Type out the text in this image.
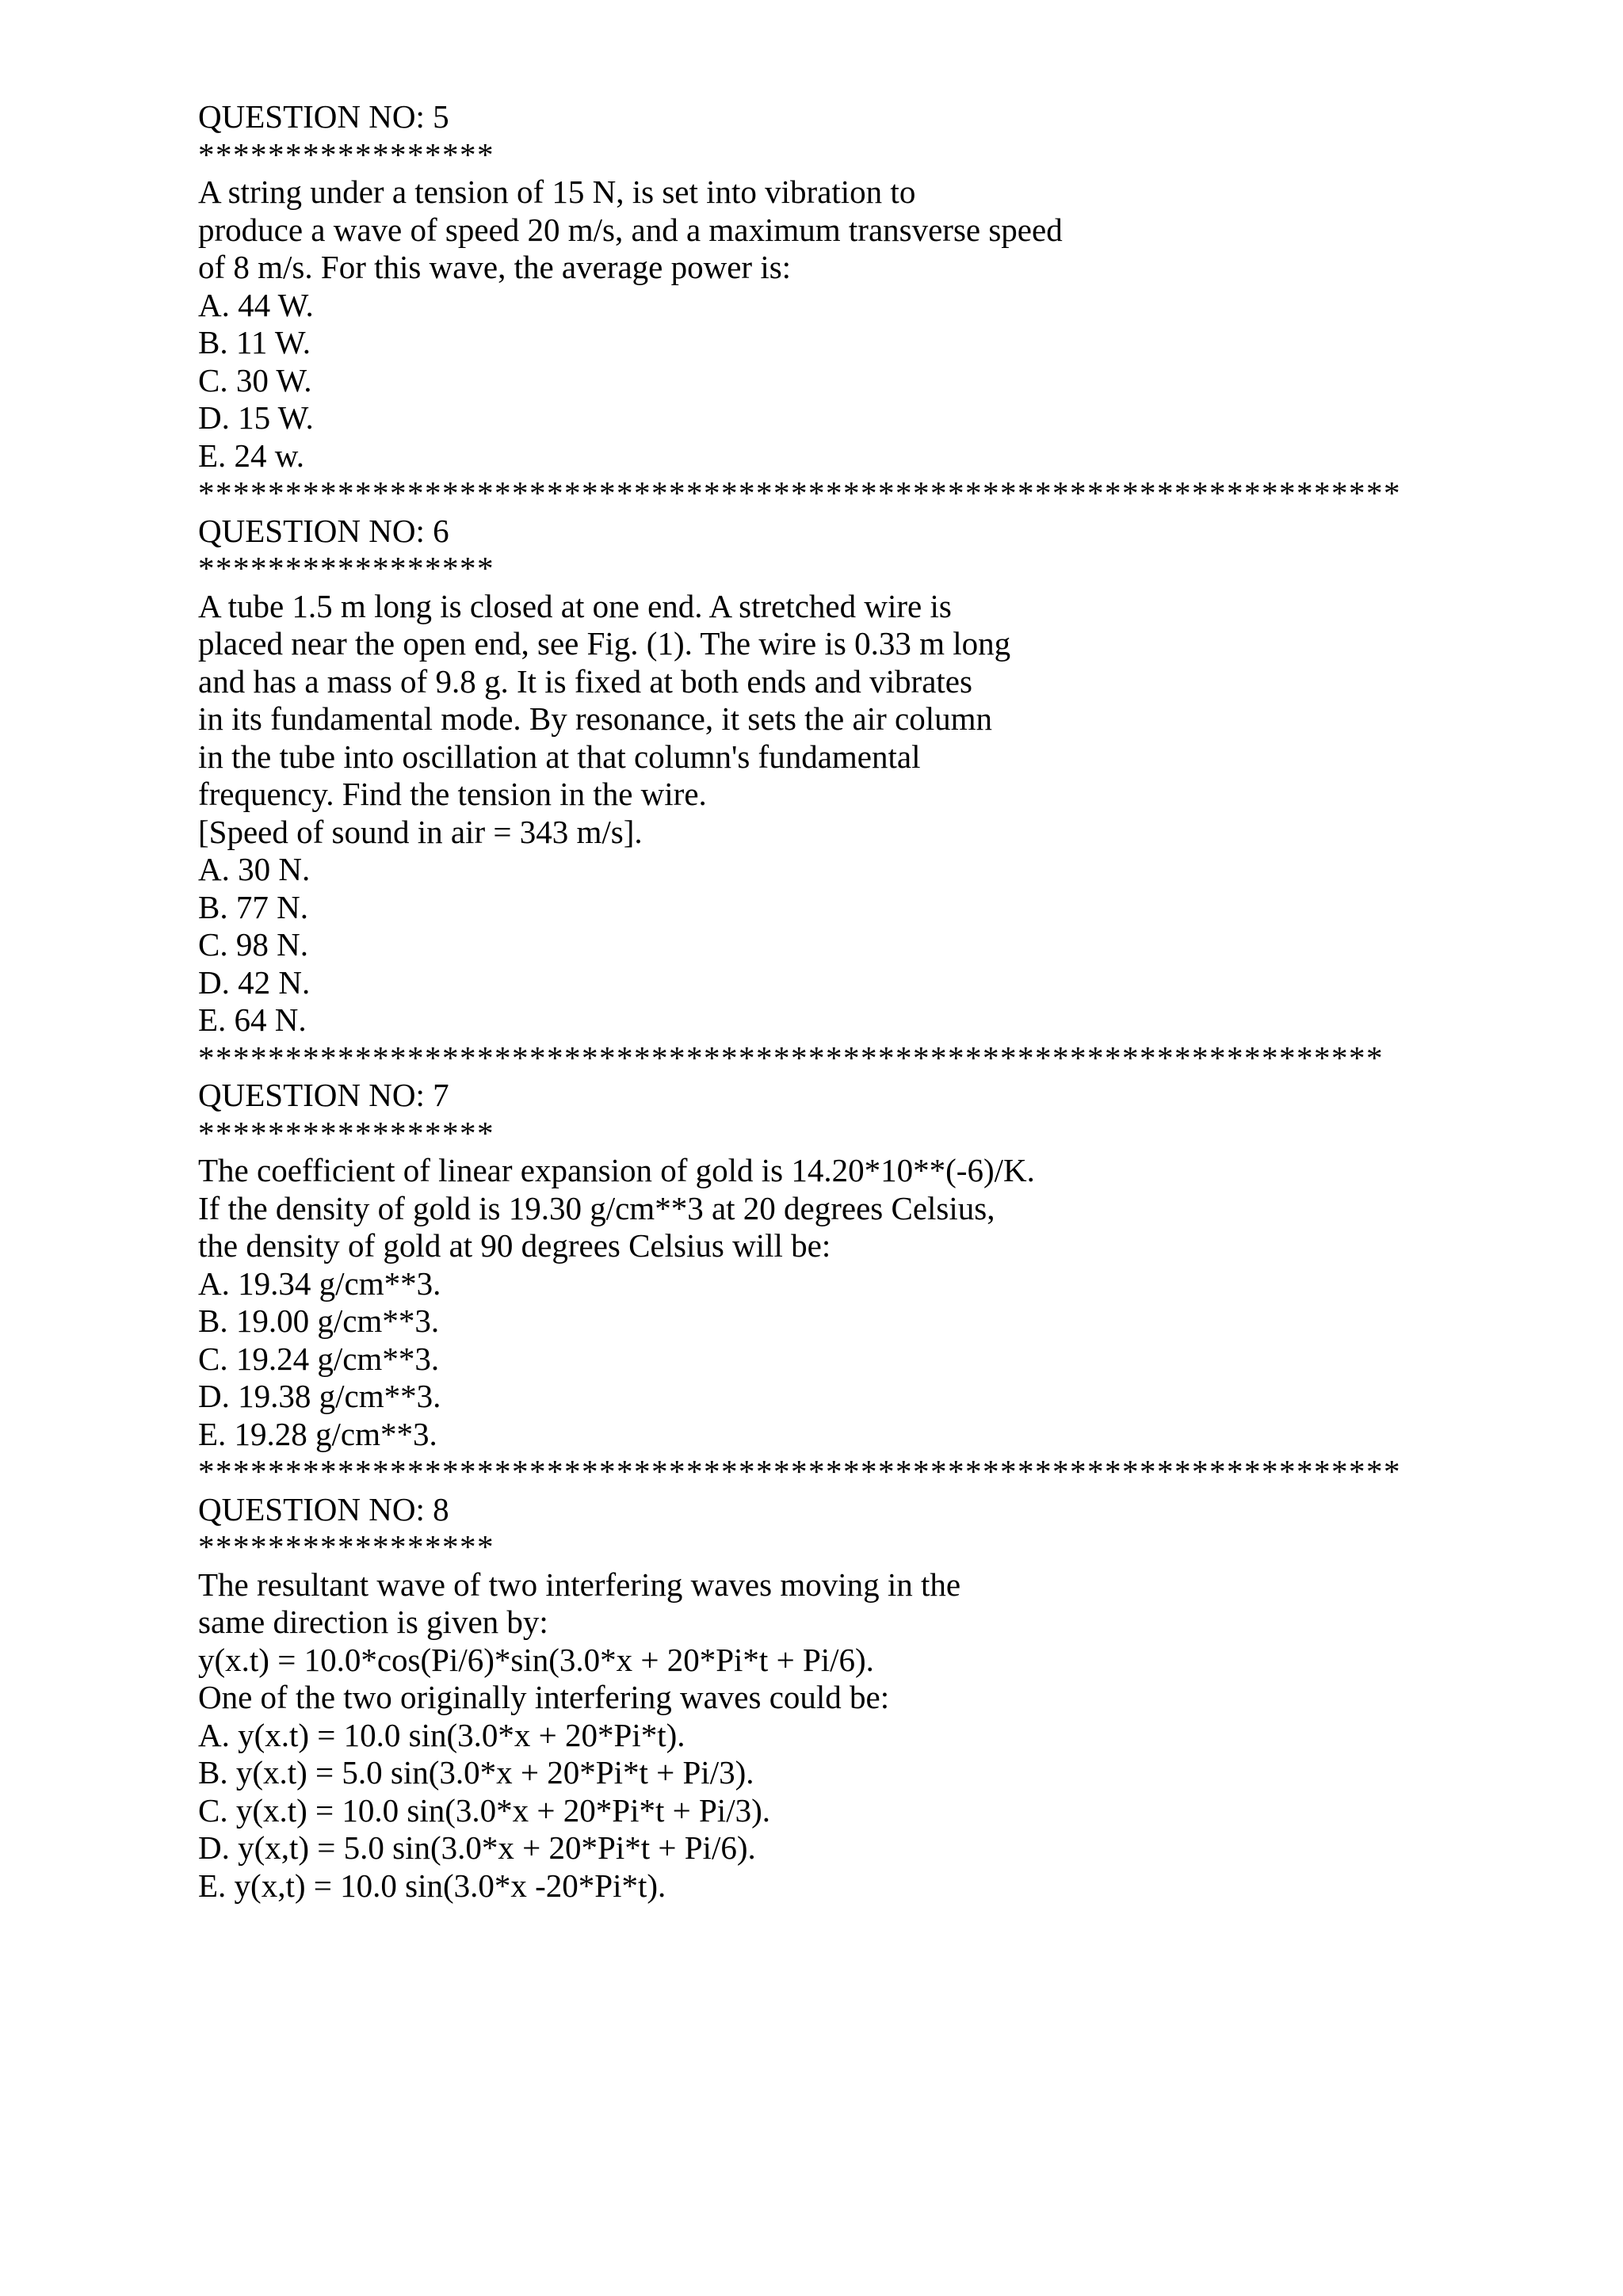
QUESTION NO: 5
*****************
A string under a tension of 15 N, is set into vibration to
produce a wave of speed 20 m/s, and a maximum transverse speed
of 8 m/s. For this wave, the average power is:
A. 44 W.
B. 11 W.
C. 30 W.
D. 15 W.
E. 24 w.
*********************************************************************
QUESTION NO: 6
*****************
A tube 1.5 m long is closed at one end. A stretched wire is
placed near the open end, see Fig. (1). The wire is 0.33 m long
and has a mass of 9.8 g. It is fixed at both ends and vibrates
in its fundamental mode. By resonance, it sets the air column
in the tube into oscillation at that column's fundamental
frequency. Find the tension in the wire.
[Speed of sound in air = 343 m/s].
A. 30 N.
B. 77 N.
C. 98 N.
D. 42 N.
E. 64 N.
********************************************************************
QUESTION NO: 7
*****************
The coefficient of linear expansion of gold is 14.20*10**(-6)/K.
If the density of gold is 19.30 g/cm**3 at 20 degrees Celsius,
the density of gold at 90 degrees Celsius will be:
A. 19.34 g/cm**3.
B. 19.00 g/cm**3.
C. 19.24 g/cm**3.
D. 19.38 g/cm**3.
E. 19.28 g/cm**3.
*********************************************************************
QUESTION NO: 8
*****************
The resultant wave of two interfering waves moving in the
same direction is given by:
y(x.t) = 10.0*cos(Pi/6)*sin(3.0*x + 20*Pi*t + Pi/6).
One of the two originally interfering waves could be:
A. y(x.t) = 10.0 sin(3.0*x + 20*Pi*t).
B. y(x.t) = 5.0 sin(3.0*x + 20*Pi*t + Pi/3).
C. y(x.t) = 10.0 sin(3.0*x + 20*Pi*t + Pi/3).
D. y(x,t) = 5.0 sin(3.0*x + 20*Pi*t + Pi/6).
E. y(x,t) = 10.0 sin(3.0*x -20*Pi*t).
